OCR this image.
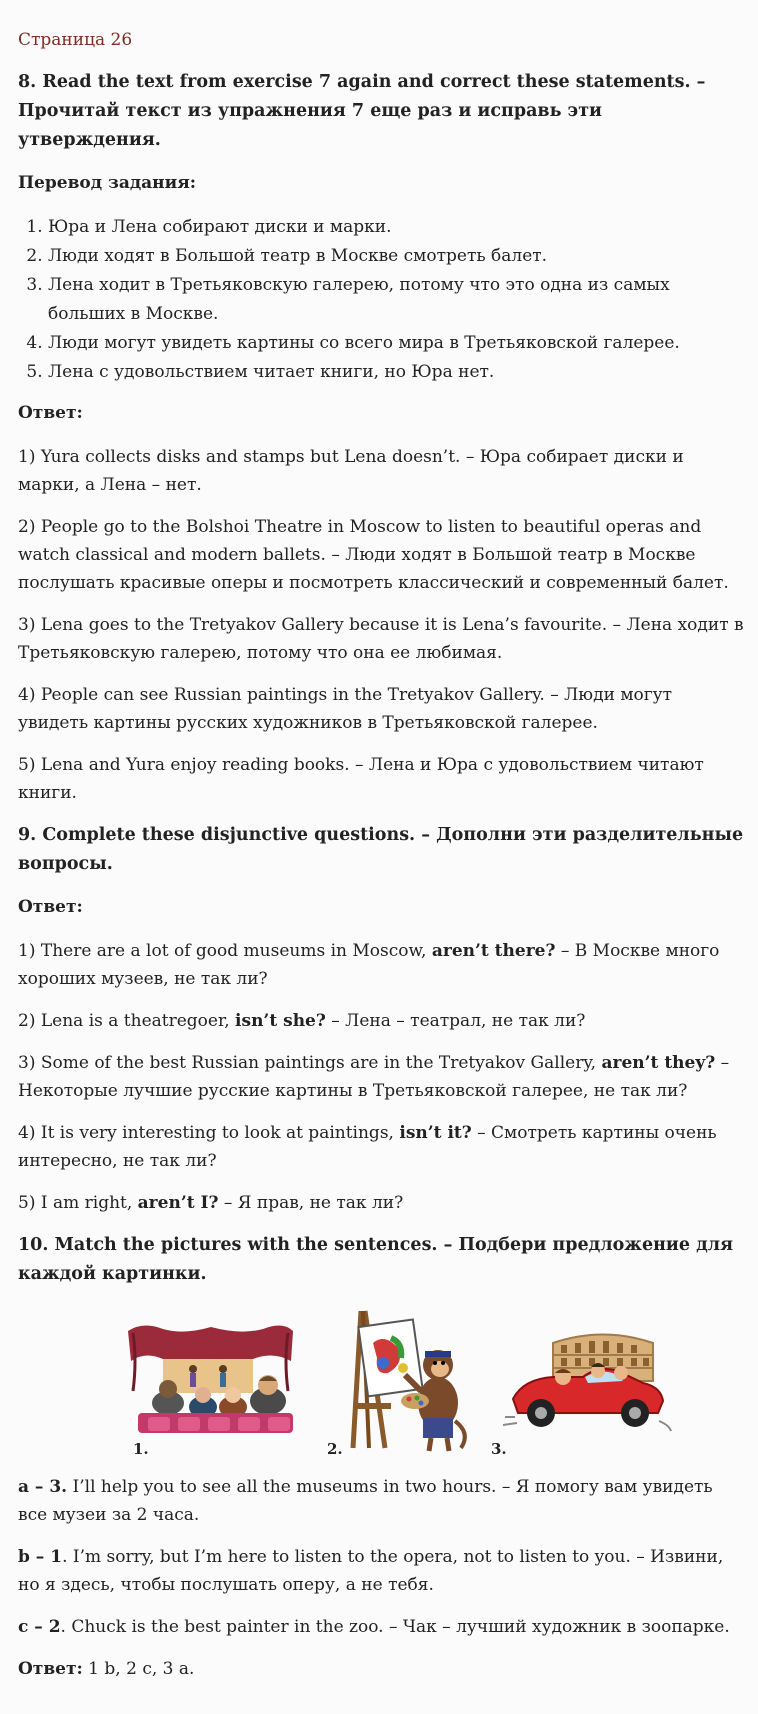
Страница 26
8. Read the text from exercise 7 again and correct these statements. – Прочитай текст из упражнения 7 еще раз и исправь эти утверждения.

Перевод задания:

1. Юра и Лена собирают диски и марки.
2. Люди ходят в Большой театр в Москве смотреть балет.
3. Лена ходит в Третьяковскую галерею, потому что это одна из самых больших в Москве.
4. Люди могут увидеть картины со всего мира в Третьяковской галерее.
5. Лена с удовольствием читает книги, но Юра нет.

Ответ:

1) Yura collects disks and stamps but Lena doesn’t. – Юра собирает диски и марки, а Лена – нет.

2) People go to the Bolshoi Theatre in Moscow to listen to beautiful operas and watch classical and modern ballets. – Люди ходят в Большой театр в Москве послушать красивые оперы и посмотреть классический и современный балет.

3) Lena goes to the Tretyakov Gallery because it is Lena’s favourite. – Лена ходит в Третьяковскую галерею, потому что она ее любимая.

4) People can see Russian paintings in the Tretyakov Gallery. – Люди могут увидеть картины русских художников в Третьяковской галерее.

5) Lena and Yura enjoy reading books. – Лена и Юра с удовольствием читают книги.

9. Complete these disjunctive questions. – Дополни эти разделительные вопросы.

Ответ:

1) There are a lot of good museums in Moscow, aren’t there? – В Москве много хороших музеев, не так ли?

2) Lena is a theatregoer, isn’t she? – Лена – театрал, не так ли?

3) Some of the best Russian paintings are in the Tretyakov Gallery, aren’t they? – Некоторые лучшие русские картины в Третьяковской галерее, не так ли?

4) It is very interesting to look at paintings, isn’t it? – Смотреть картины очень интересно, не так ли?

5) I am right, aren’t I? – Я прав, не так ли?

10. Match the pictures with the sentences. – Подбери предложение для каждой картинки.
1.	2.	3.

a – 3. I’ll help you to see all the museums in two hours. – Я помогу вам увидеть все музеи за 2 часа.

b – 1. I’m sorry, but I’m here to listen to the opera, not to listen to you. – Извини, но я здесь, чтобы послушать оперу, а не тебя.

c – 2. Chuck is the best painter in the zoo. – Чак – лучший художник в зоопарке.

Ответ: 1 b, 2 c, 3 a.
